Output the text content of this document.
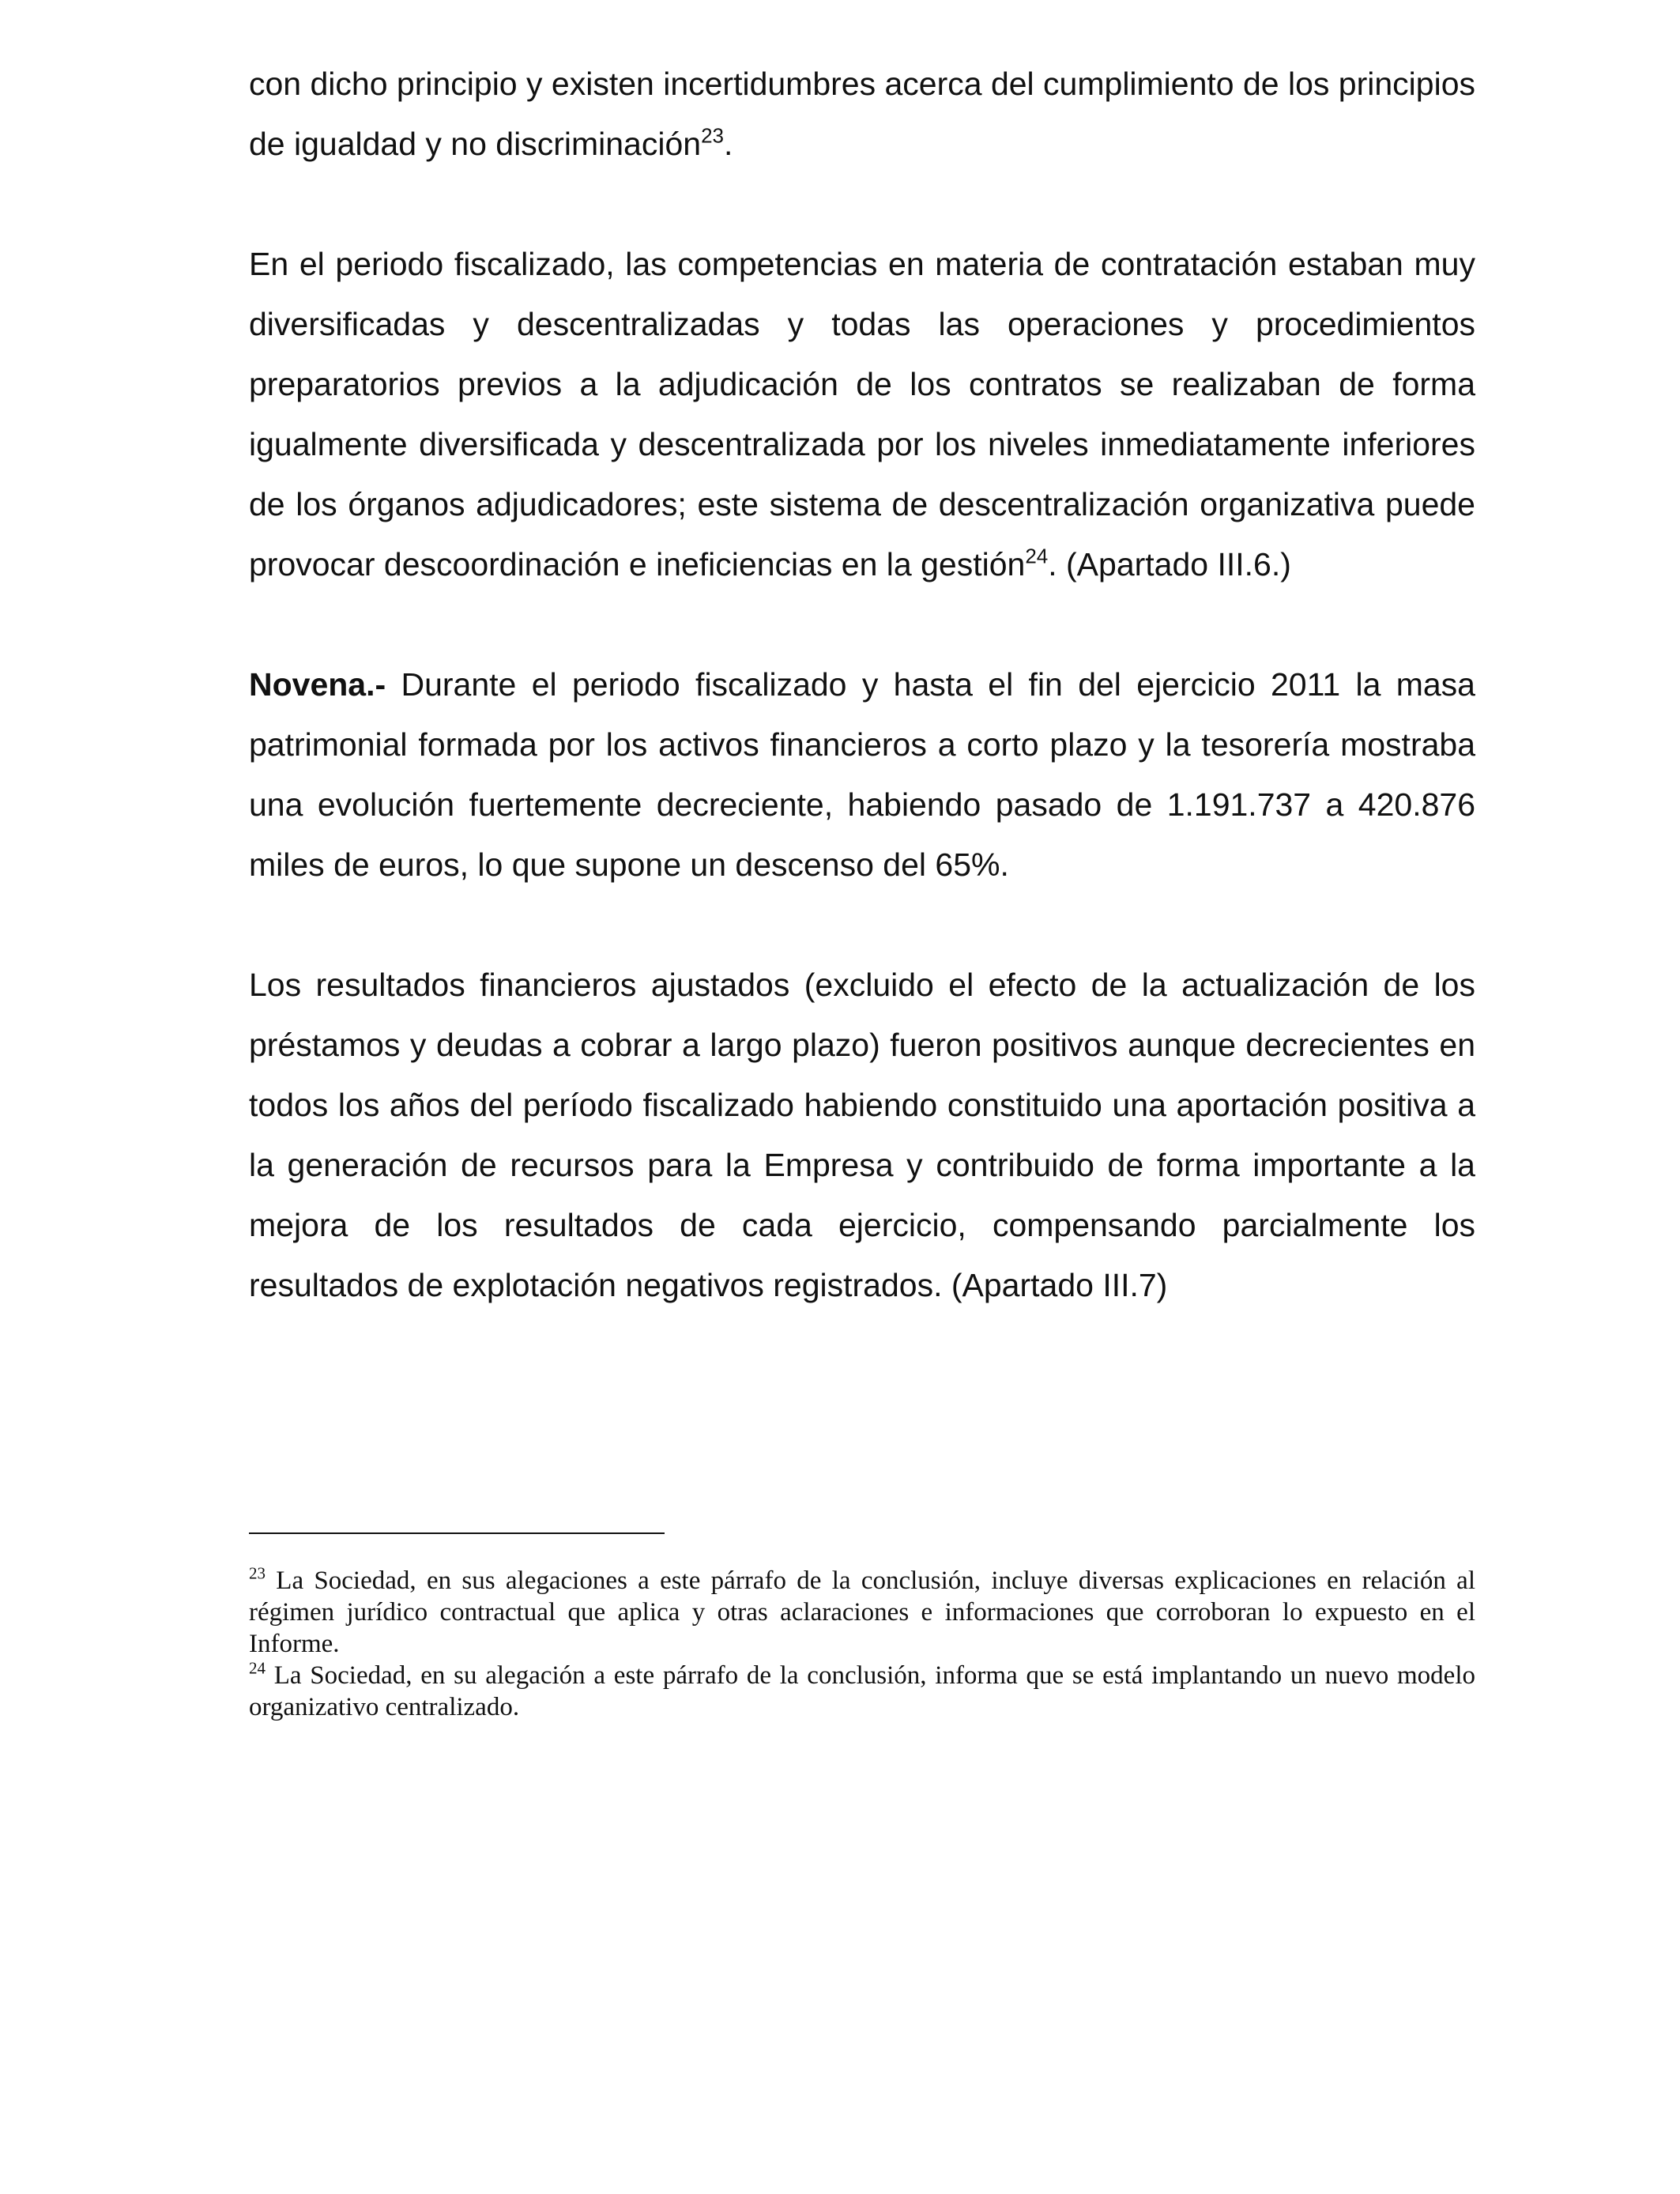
con dicho principio y existen incertidumbres acerca del cumplimiento de los principios de igualdad y no discriminación$^{23}$.

En el periodo fiscalizado, las competencias en materia de contratación estaban muy diversificadas y descentralizadas y todas las operaciones y procedimientos preparatorios previos a la adjudicación de los contratos se realizaban de forma igualmente diversificada y descentralizada por los niveles inmediatamente inferiores de los órganos adjudicadores; este sistema de descentralización organizativa puede provocar descoordinación e ineficiencias en la gestión$^{24}$. (Apartado III.6.)

Novena.- Durante el periodo fiscalizado y hasta el fin del ejercicio 2011 la masa patrimonial formada por los activos financieros a corto plazo y la tesorería mostraba una evolución fuertemente decreciente, habiendo pasado de 1.191.737 a 420.876 miles de euros, lo que supone un descenso del 65%.

Los resultados financieros ajustados (excluido el efecto de la actualización de los préstamos y deudas a cobrar a largo plazo) fueron positivos aunque decrecientes en todos los años del período fiscalizado habiendo constituido una aportación positiva a la generación de recursos para la Empresa y contribuido de forma importante a la mejora de los resultados de cada ejercicio, compensando parcialmente los resultados de explotación negativos registrados. (Apartado III.7)

$^{23}$ La Sociedad, en sus alegaciones a este párrafo de la conclusión, incluye diversas explicaciones en relación al régimen jurídico contractual que aplica y otras aclaraciones e informaciones que corroboran lo expuesto en el Informe.

$^{24}$ La Sociedad, en su alegación a este párrafo de la conclusión, informa que se está implantando un nuevo modelo organizativo centralizado.
